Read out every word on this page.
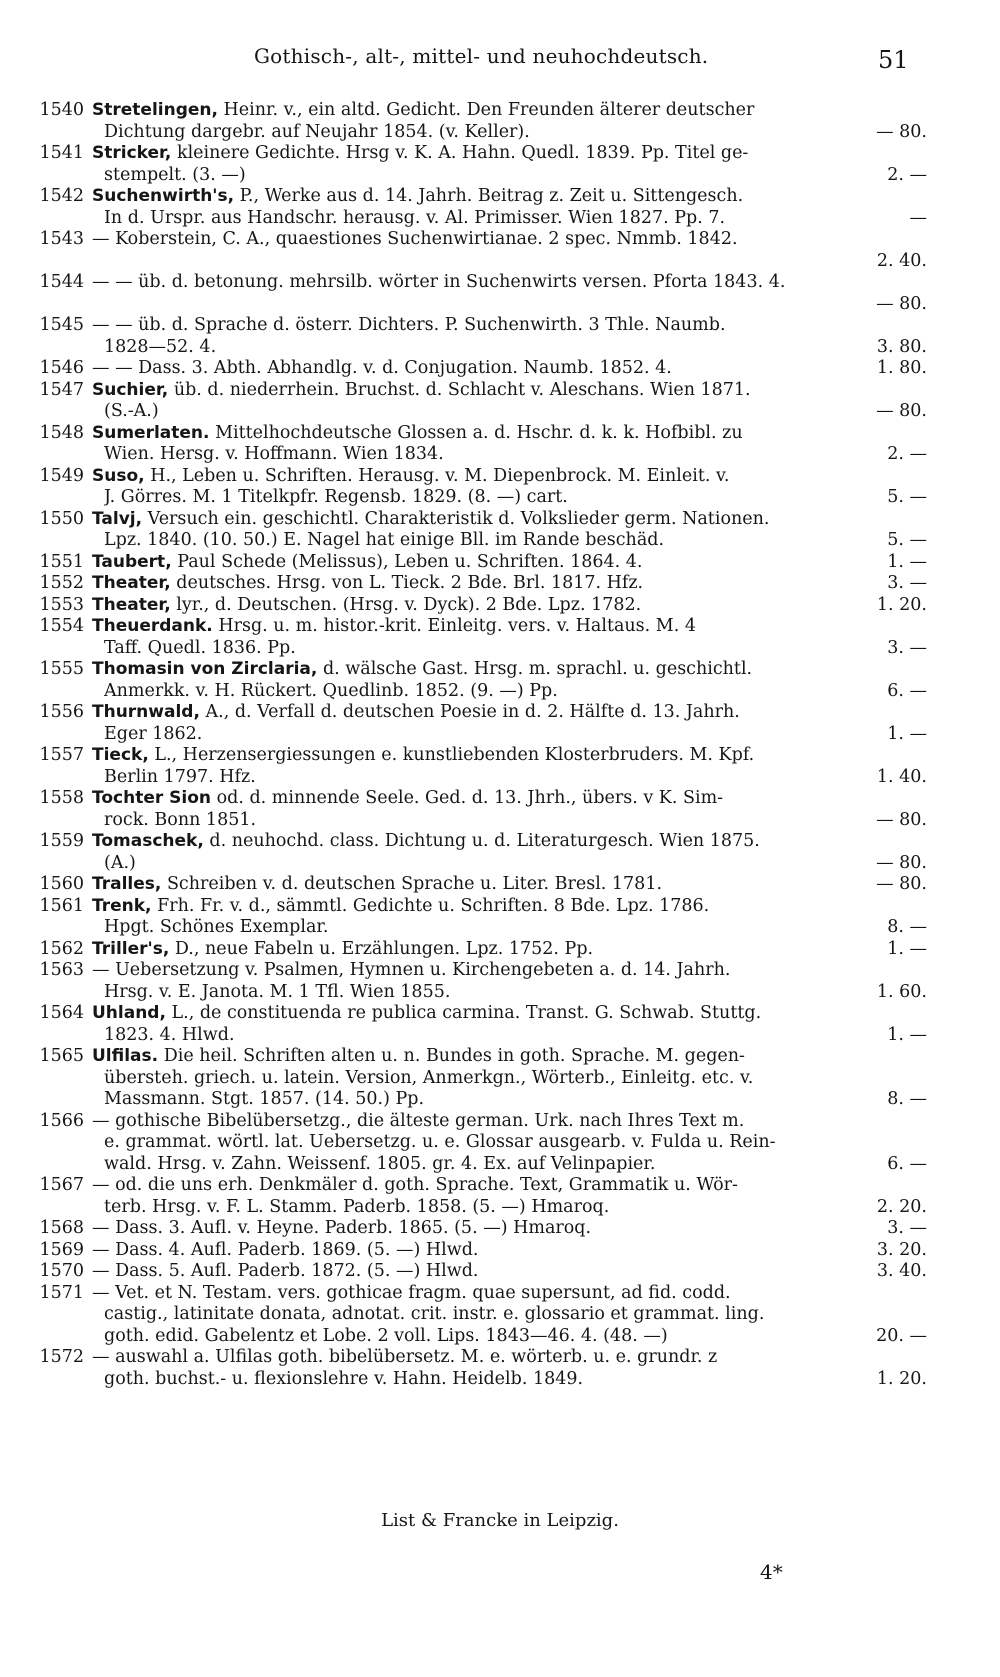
Gothisch-, alt-, mittel- und neuhochdeutsch.	51
1540 Stretelingen, Heinr. v., ein altd. Gedicht. Den Freunden älterer deutscher
Dichtung dargebr. auf Neujahr 1854. (v. Keller).	— 80.
1541 Stricker, kleinere Gedichte. Hrsg v. K. A. Hahn. Quedl. 1839. Pp. Titel ge-
stempelt. (3. —)	2. —
1542 Suchenwirth's, P., Werke aus d. 14. Jahrh. Beitrag z. Zeit u. Sittengesch.
In d. Urspr. aus Handschr. herausg. v. Al. Primisser. Wien 1827. Pp. 7.	—
1543 — Koberstein, C. A., quaestiones Suchenwirtianae. 2 spec. Nmmb. 1842.
2. 40.
1544 — — üb. d. betonung. mehrsilb. wörter in Suchenwirts versen. Pforta 1843. 4.
— 80.
1545 — — üb. d. Sprache d. österr. Dichters. P. Suchenwirth. 3 Thle. Naumb.
1828—52. 4.	3. 80.
1546 — — Dass. 3. Abth. Abhandlg. v. d. Conjugation. Naumb. 1852. 4.	1. 80.
1547 Suchier, üb. d. niederrhein. Bruchst. d. Schlacht v. Aleschans. Wien 1871.
(S.-A.)	— 80.
1548 Sumerlaten. Mittelhochdeutsche Glossen a. d. Hschr. d. k. k. Hofbibl. zu
Wien. Hersg. v. Hoffmann. Wien 1834.	2. —
1549 Suso, H., Leben u. Schriften. Herausg. v. M. Diepenbrock. M. Einleit. v.
J. Görres. M. 1 Titelkpfr. Regensb. 1829. (8. —) cart.	5. —
1550 Talvj, Versuch ein. geschichtl. Charakteristik d. Volkslieder germ. Nationen.
Lpz. 1840. (10. 50.) E. Nagel hat einige Bll. im Rande beschäd.	5. —
1551 Taubert, Paul Schede (Melissus), Leben u. Schriften. 1864. 4.	1. —
1552 Theater, deutsches. Hrsg. von L. Tieck. 2 Bde. Brl. 1817. Hfz.	3. —
1553 Theater, lyr., d. Deutschen. (Hrsg. v. Dyck). 2 Bde. Lpz. 1782.	1. 20.
1554 Theuerdank. Hrsg. u. m. histor.-krit. Einleitg. vers. v. Haltaus. M. 4
Taff. Quedl. 1836. Pp.	3. —
1555 Thomasin von Zirclaria, d. wälsche Gast. Hrsg. m. sprachl. u. geschichtl.
Anmerkk. v. H. Rückert. Quedlinb. 1852. (9. —) Pp.	6. —
1556 Thurnwald, A., d. Verfall d. deutschen Poesie in d. 2. Hälfte d. 13. Jahrh.
Eger 1862.	1. —
1557 Tieck, L., Herzensergiessungen e. kunstliebenden Klosterbruders. M. Kpf.
Berlin 1797. Hfz.	1. 40.
1558 Tochter Sion od. d. minnende Seele. Ged. d. 13. Jhrh., übers. v K. Sim-
rock. Bonn 1851.	— 80.
1559 Tomaschek, d. neuhochd. class. Dichtung u. d. Literaturgesch. Wien 1875.
(A.)	— 80.
1560 Tralles, Schreiben v. d. deutschen Sprache u. Liter. Bresl. 1781.	— 80.
1561 Trenk, Frh. Fr. v. d., sämmtl. Gedichte u. Schriften. 8 Bde. Lpz. 1786.
Hpgt. Schönes Exemplar.	8. —
1562 Triller's, D., neue Fabeln u. Erzählungen. Lpz. 1752. Pp.	1. —
1563 — Uebersetzung v. Psalmen, Hymnen u. Kirchengebeten a. d. 14. Jahrh.
Hrsg. v. E. Janota. M. 1 Tfl. Wien 1855.	1. 60.
1564 Uhland, L., de constituenda re publica carmina. Transt. G. Schwab. Stuttg.
1823. 4. Hlwd.	1. —
1565 Ulfilas. Die heil. Schriften alten u. n. Bundes in goth. Sprache. M. gegen-
übersteh. griech. u. latein. Version, Anmerkgn., Wörterb., Einleitg. etc. v.
Massmann. Stgt. 1857. (14. 50.) Pp.	8. —
1566 — gothische Bibelübersetzg., die älteste german. Urk. nach Ihres Text m.
e. grammat. wörtl. lat. Uebersetzg. u. e. Glossar ausgearb. v. Fulda u. Rein-
wald. Hrsg. v. Zahn. Weissenf. 1805. gr. 4. Ex. auf Velinpapier.	6. —
1567 — od. die uns erh. Denkmäler d. goth. Sprache. Text, Grammatik u. Wör-
terb. Hrsg. v. F. L. Stamm. Paderb. 1858. (5. —) Hmaroq.	2. 20.
1568 — Dass. 3. Aufl. v. Heyne. Paderb. 1865. (5. —) Hmaroq.	3. —
1569 — Dass. 4. Aufl. Paderb. 1869. (5. —) Hlwd.	3. 20.
1570 — Dass. 5. Aufl. Paderb. 1872. (5. —) Hlwd.	3. 40.
1571 — Vet. et N. Testam. vers. gothicae fragm. quae supersunt, ad fid. codd.
castig., latinitate donata, adnotat. crit. instr. e. glossario et grammat. ling.
goth. edid. Gabelentz et Lobe. 2 voll. Lips. 1843—46. 4. (48. —)	20. —
1572 — auswahl a. Ulfilas goth. bibelübersetz. M. e. wörterb. u. e. grundr. z
goth. buchst.- u. flexionslehre v. Hahn. Heidelb. 1849.	1. 20.
List & Francke in Leipzig.
4*
